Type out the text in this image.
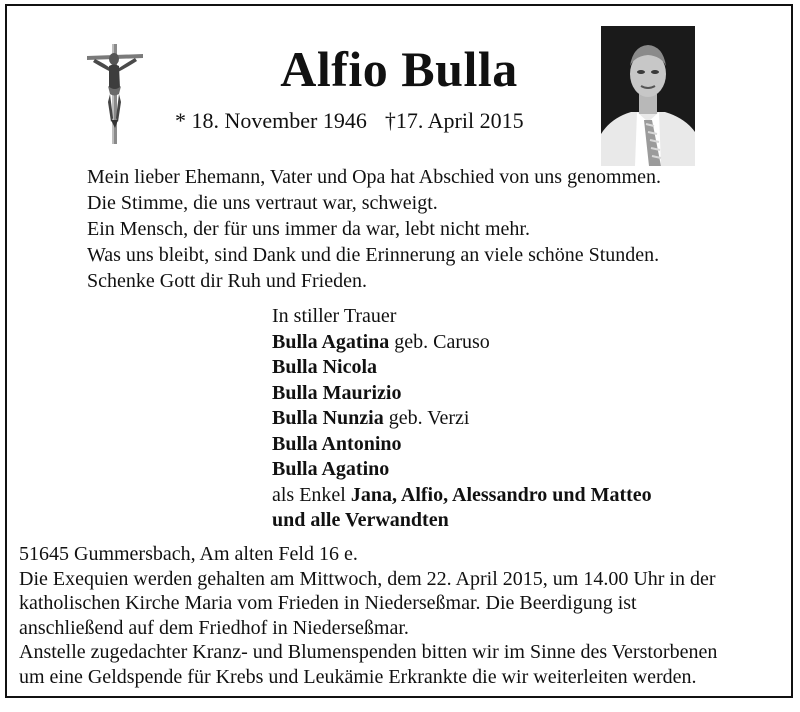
Alfio Bulla
* 18. November 1946 †17. April 2015
Mein lieber Ehemann, Vater und Opa hat Abschied von uns genommen.
Die Stimme, die uns vertraut war, schweigt.
Ein Mensch, der für uns immer da war, lebt nicht mehr.
Was uns bleibt, sind Dank und die Erinnerung an viele schöne Stunden.
Schenke Gott dir Ruh und Frieden.
In stiller Trauer
Bulla Agatina geb. Caruso
Bulla Nicola
Bulla Maurizio
Bulla Nunzia geb. Verzi
Bulla Antonino
Bulla Agatino
als Enkel Jana, Alfio, Alessandro und Matteo
und alle Verwandten
51645 Gummersbach, Am alten Feld 16 e.
Die Exequien werden gehalten am Mittwoch, dem 22. April 2015, um 14.00 Uhr in der
katholischen Kirche Maria vom Frieden in Niederseßmar. Die Beerdigung ist
anschließend auf dem Friedhof in Niederseßmar.
Anstelle zugedachter Kranz- und Blumenspenden bitten wir im Sinne des Verstorbenen
um eine Geldspende für Krebs und Leukämie Erkrankte die wir weiterleiten werden.
